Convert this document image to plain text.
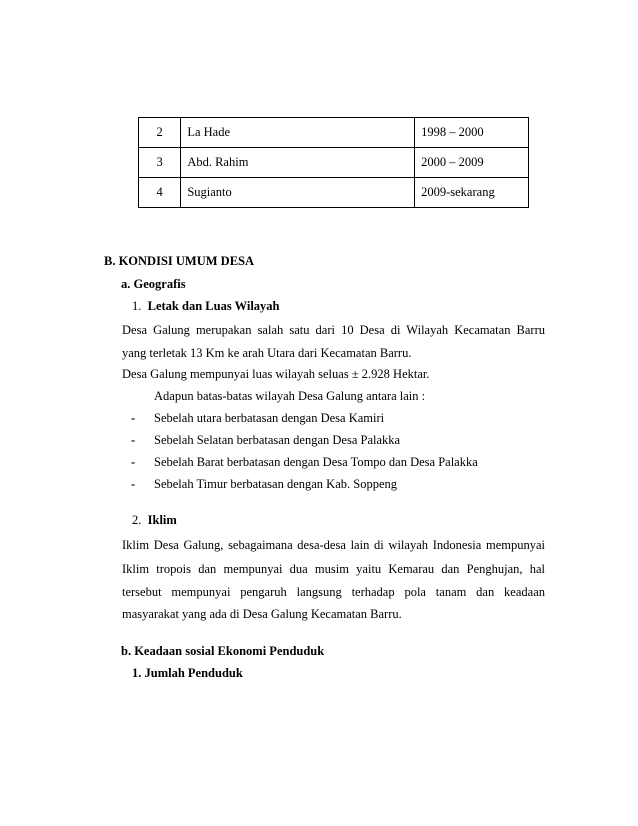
2	La Hade	1998 – 2000
3	Abd. Rahim	2000 – 2009
4	Sugianto	2009-sekarang
B. KONDISI UMUM DESA
a. Geografis
1. Letak dan Luas Wilayah
Desa Galung merupakan salah satu dari 10 Desa di Wilayah Kecamatan Barru
yang terletak 13 Km ke arah Utara dari Kecamatan Barru.
Desa Galung mempunyai luas wilayah seluas ± 2.928 Hektar.
Adapun batas-batas wilayah Desa Galung antara lain :
- Sebelah utara berbatasan dengan Desa Kamiri
- Sebelah Selatan berbatasan dengan Desa Palakka
- Sebelah Barat berbatasan dengan Desa Tompo dan Desa Palakka
- Sebelah Timur berbatasan dengan Kab. Soppeng
2. Iklim
Iklim Desa Galung, sebagaimana desa-desa lain di wilayah Indonesia mempunyai
Iklim tropois dan mempunyai dua musim yaitu Kemarau dan Penghujan, hal
tersebut mempunyai pengaruh langsung terhadap pola tanam dan keadaan
masyarakat yang ada di Desa Galung Kecamatan Barru.
b. Keadaan sosial Ekonomi Penduduk
1. Jumlah Penduduk
